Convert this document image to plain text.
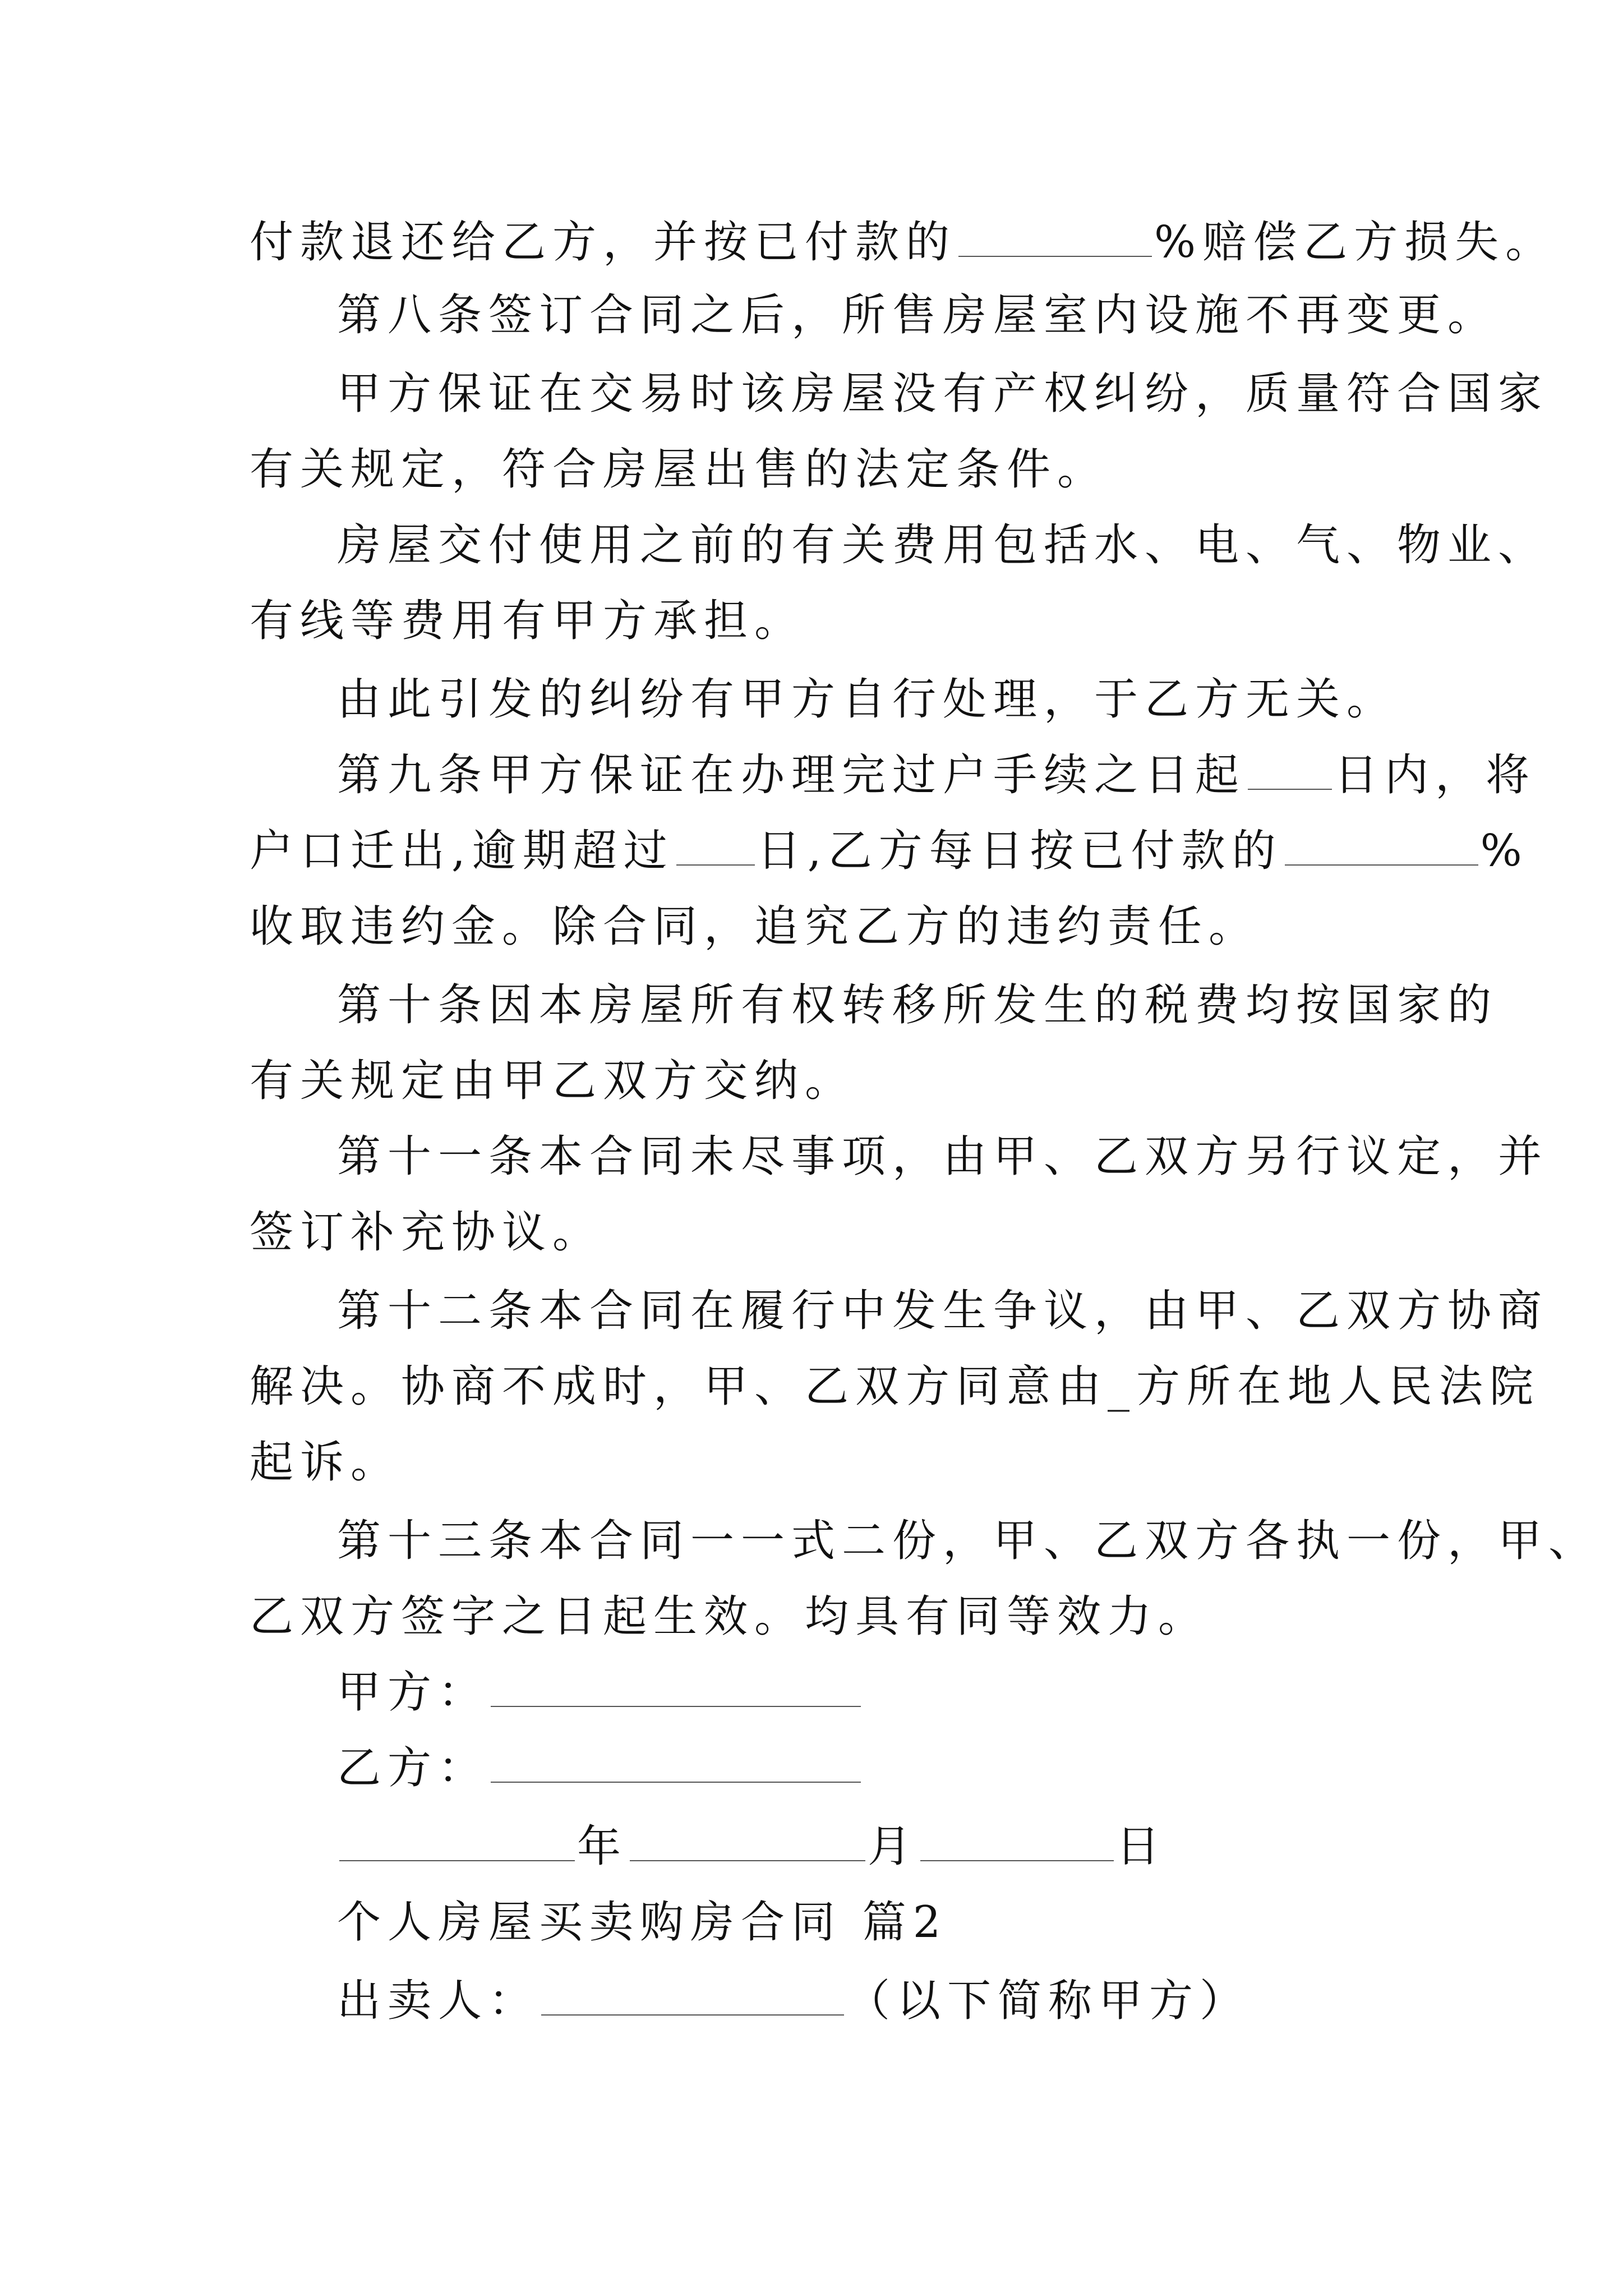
付款退还给乙方，并按已付款的	%赔偿乙方损失。
第八条签订合同之后，所售房屋室内设施不再变更。
甲方保证在交易时该房屋没有产权纠纷，质量符合国家
有关规定，符合房屋出售的法定条件。
房屋交付使用之前的有关费用包括水、电、气、物业、
有线等费用有甲方承担。
由此引发的纠纷有甲方自行处理，于乙方无关。
第九条甲方保证在办理完过户手续之日起 日内，将
户口迁出,逾期超过 日,乙方每日按已付款的	%
收取违约金。除合同，追究乙方的违约责任。
第十条因本房屋所有权转移所发生的税费均按国家的
有关规定由甲乙双方交纳。
第十一条本合同未尽事项，由甲、乙双方另行议定，并
签订补充协议。
第十二条本合同在履行中发生争议，由甲、乙双方协商
解决。协商不成时，甲、乙双方同意由_方所在地人民法院
起诉。
第十三条本合同一一式二份，甲、乙双方各执一份，甲、
乙双方签字之日起生效。均具有同等效力。
甲方：
乙方：
年	月	日
个人房屋买卖购房合同 篇2
出卖人：	（以下简称甲方）
